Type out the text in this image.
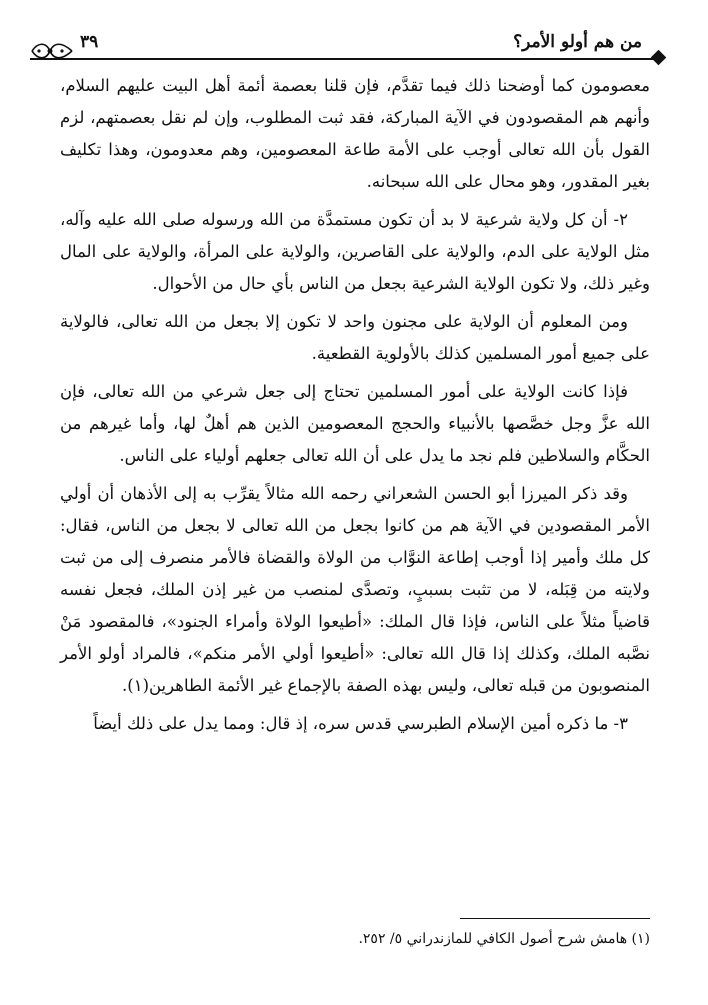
٣٩	من هم أولو الأمر؟

معصومون كما أوضحنا ذلك فيما تقدَّم، فإن قلنا بعصمة أئمة أهل البيت عليهم السلام، وأنهم هم المقصودون في الآية المباركة، فقد ثبت المطلوب، وإن لم نقل بعصمتهم، لزم القول بأن الله تعالى أوجب على الأمة طاعة المعصومين، وهم معدومون، وهذا تكليف بغير المقدور، وهو محال على الله سبحانه.

٢- أن كل ولاية شرعية لا بد أن تكون مستمدَّة من الله ورسوله صلى الله عليه وآله، مثل الولاية على الدم، والولاية على القاصرين، والولاية على المرأة، والولاية على المال وغير ذلك، ولا تكون الولاية الشرعية بجعل من الناس بأي حال من الأحوال.

ومن المعلوم أن الولاية على مجنون واحد لا تكون إلا بجعل من الله تعالى، فالولاية على جميع أمور المسلمين كذلك بالأولوية القطعية.

فإذا كانت الولاية على أمور المسلمين تحتاج إلى جعل شرعي من الله تعالى، فإن الله عزَّ وجل خصَّصها بالأنبياء والحجج المعصومين الذين هم أهلٌ لها، وأما غيرهم من الحكَّام والسلاطين فلم نجد ما يدل على أن الله تعالى جعلهم أولياء على الناس.

وقد ذكر الميرزا أبو الحسن الشعراني رحمه الله مثالاً يقرِّب به إلى الأذهان أن أولي الأمر المقصودين في الآية هم من كانوا بجعل من الله تعالى لا بجعل من الناس، فقال: كل ملك وأمير إذا أوجب إطاعة النوَّاب من الولاة والقضاة فالأمر منصرف إلى من ثبت ولايته من قِبَله، لا من تثبت بسببٍ، وتصدَّى لمنصب من غير إذن الملك، فجعل نفسه قاضياً مثلاً على الناس، فإذا قال الملك: «أطيعوا الولاة وأمراء الجنود»، فالمقصود مَنْ نصَّبه الملك، وكذلك إذا قال الله تعالى: «أطيعوا أولي الأمر منكم»، فالمراد أولو الأمر المنصوبون من قبله تعالى، وليس بهذه الصفة بالإجماع غير الأئمة الطاهرين(١).

٣- ما ذكره أمين الإسلام الطبرسي قدس سره، إذ قال: ومما يدل على ذلك أيضاً

(١) هامش شرح أصول الكافي للمازندراني ٥/ ٢٥٢.
